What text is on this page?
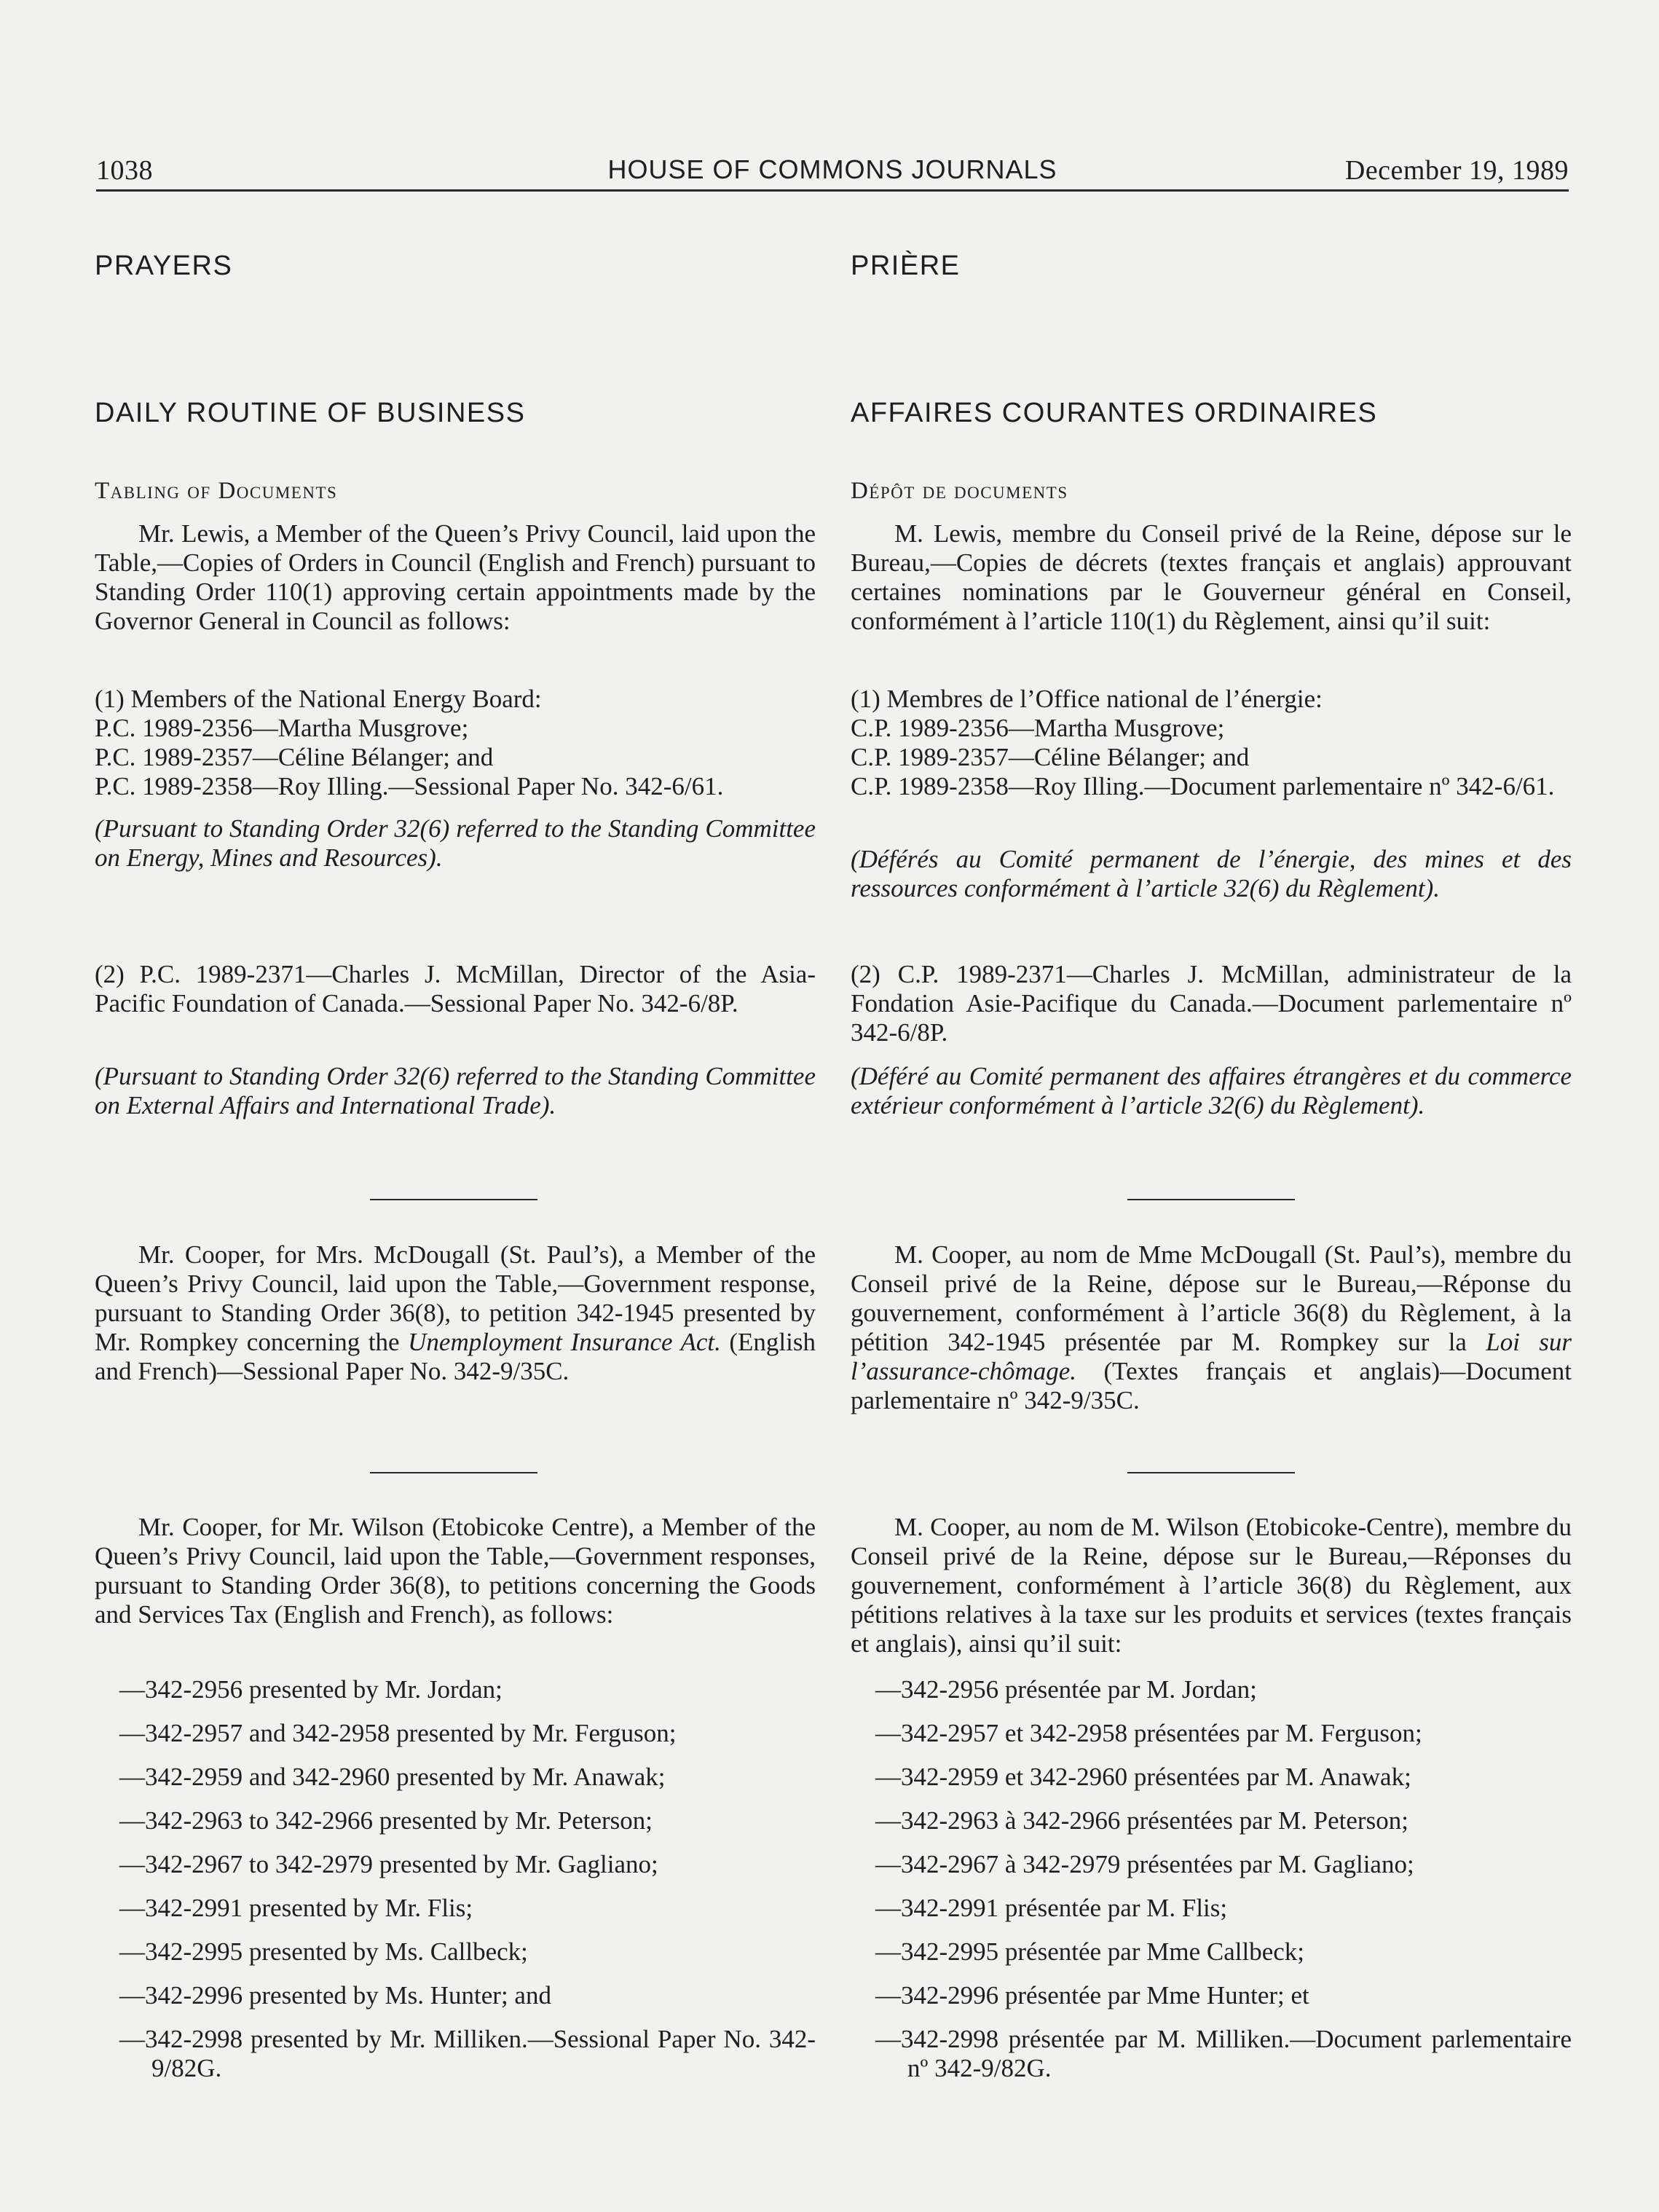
1038	HOUSE OF COMMONS JOURNALS	December 19, 1989
PRAYERS
DAILY ROUTINE OF BUSINESS
Tabling of Documents
Mr. Lewis, a Member of the Queen’s Privy Council, laid upon the Table,—Copies of Orders in Council (English and French) pursuant to Standing Order 110(1) approving certain appointments made by the Governor General in Council as follows:
(1) Members of the National Energy Board:
P.C. 1989-2356—Martha Musgrove;
P.C. 1989-2357—Céline Bélanger; and
P.C. 1989-2358—Roy Illing.—Sessional Paper No. 342-6/61.
(Pursuant to Standing Order 32(6) referred to the Standing Committee on Energy, Mines and Resources).
(2) P.C. 1989-2371—Charles J. McMillan, Director of the Asia-Pacific Foundation of Canada.—Sessional Paper No. 342-6/8P.
(Pursuant to Standing Order 32(6) referred to the Standing Committee on External Affairs and International Trade).
Mr. Cooper, for Mrs. McDougall (St. Paul’s), a Member of the Queen’s Privy Council, laid upon the Table,—Government response, pursuant to Standing Order 36(8), to petition 342-1945 presented by Mr. Rompkey concerning the Unemployment Insurance Act. (English and French)—Sessional Paper No. 342-9/35C.
Mr. Cooper, for Mr. Wilson (Etobicoke Centre), a Member of the Queen’s Privy Council, laid upon the Table,—Government responses, pursuant to Standing Order 36(8), to petitions concerning the Goods and Services Tax (English and French), as follows:
—342-2956 presented by Mr. Jordan;
—342-2957 and 342-2958 presented by Mr. Ferguson;
—342-2959 and 342-2960 presented by Mr. Anawak;
—342-2963 to 342-2966 presented by Mr. Peterson;
—342-2967 to 342-2979 presented by Mr. Gagliano;
—342-2991 presented by Mr. Flis;
—342-2995 presented by Ms. Callbeck;
—342-2996 presented by Ms. Hunter; and
—342-2998 presented by Mr. Milliken.—Sessional Paper No. 342-9/82G.
PRIÈRE
AFFAIRES COURANTES ORDINAIRES
Dépôt de documents
M. Lewis, membre du Conseil privé de la Reine, dépose sur le Bureau,—Copies de décrets (textes français et anglais) approuvant certaines nominations par le Gouverneur général en Conseil, conformément à l’article 110(1) du Règlement, ainsi qu’il suit:
(1) Membres de l’Office national de l’énergie:
C.P. 1989-2356—Martha Musgrove;
C.P. 1989-2357—Céline Bélanger; and
C.P. 1989-2358—Roy Illing.—Document parlementaire nº 342-6/61.
(Déférés au Comité permanent de l’énergie, des mines et des ressources conformément à l’article 32(6) du Règlement).
(2) C.P. 1989-2371—Charles J. McMillan, administrateur de la Fondation Asie-Pacifique du Canada.—Document parlementaire nº 342-6/8P.
(Déféré au Comité permanent des affaires étrangères et du commerce extérieur conformément à l’article 32(6) du Règlement).
M. Cooper, au nom de Mme McDougall (St. Paul’s), membre du Conseil privé de la Reine, dépose sur le Bureau,—Réponse du gouvernement, conformément à l’article 36(8) du Règlement, à la pétition 342-1945 présentée par M. Rompkey sur la Loi sur l’assurance-chômage. (Textes français et anglais)—Document parlementaire nº 342-9/35C.
M. Cooper, au nom de M. Wilson (Etobicoke-Centre), membre du Conseil privé de la Reine, dépose sur le Bureau,—Réponses du gouvernement, conformément à l’article 36(8) du Règlement, aux pétitions relatives à la taxe sur les produits et services (textes français et anglais), ainsi qu’il suit:
—342-2956 présentée par M. Jordan;
—342-2957 et 342-2958 présentées par M. Ferguson;
—342-2959 et 342-2960 présentées par M. Anawak;
—342-2963 à 342-2966 présentées par M. Peterson;
—342-2967 à 342-2979 présentées par M. Gagliano;
—342-2991 présentée par M. Flis;
—342-2995 présentée par Mme Callbeck;
—342-2996 présentée par Mme Hunter; et
—342-2998 présentée par M. Milliken.—Document parlementaire nº 342-9/82G.
